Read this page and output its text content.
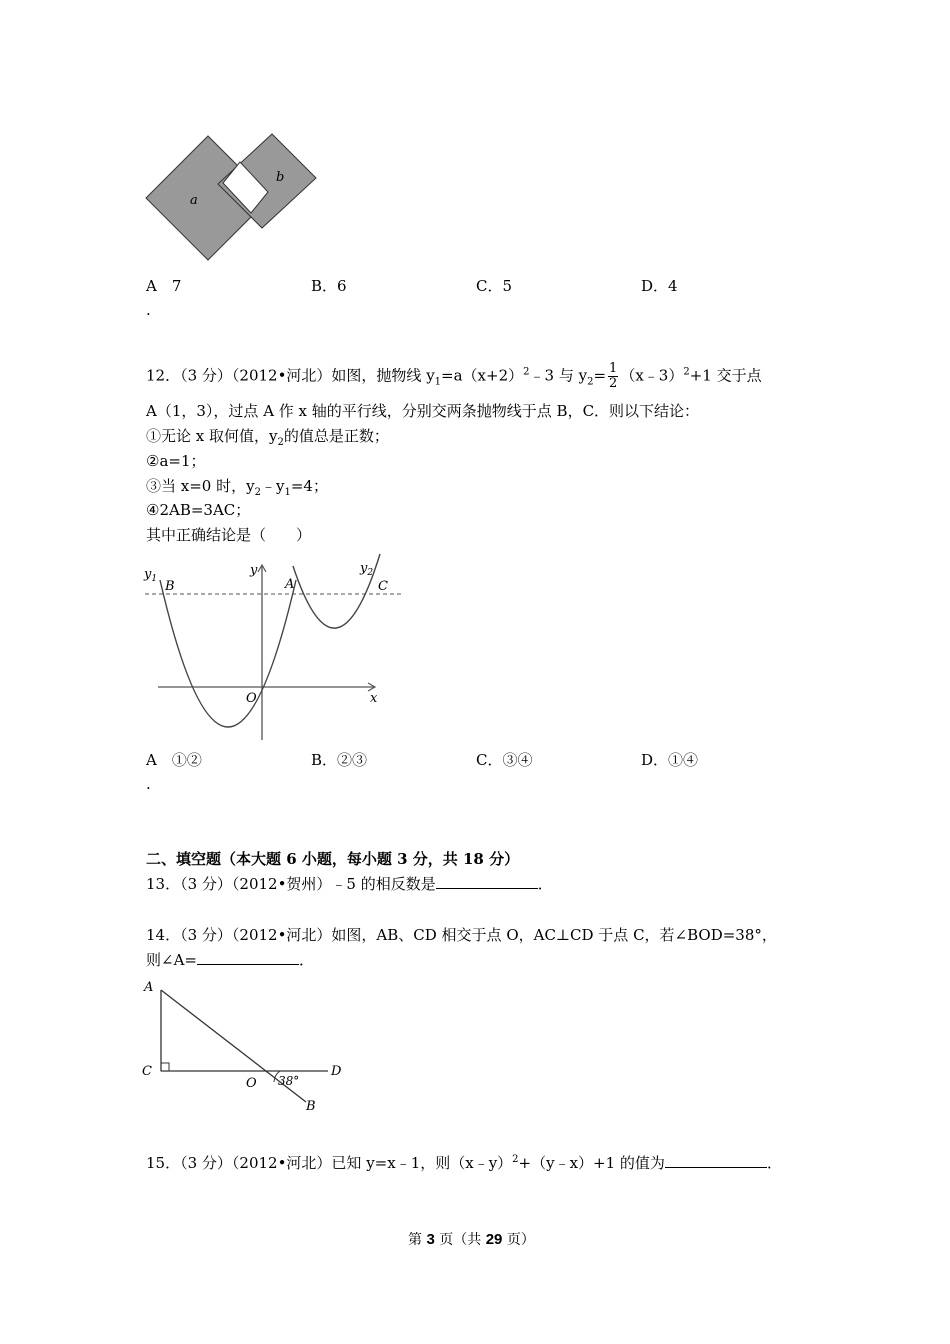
a
b
A　7	B．6	C．5	D．4
.
12．（3 分）（2012•河北）如图，抛物线 $y_1=a(x+2)^2﹣3$ 与 $y_2= \frac{1}{2}$ （x﹣3）$^2$+1 交于点
A（1，3），过点 A 作 x 轴的平行线，分别交两条抛物线于点 B，C．则以下结论：
①无论 x 取何值，$y_2$的值总是正数；
②a=1；
③当 x=0 时，$y_2﹣y_1=4$；
④2AB=3AC；
其中正确结论是（　　）
$y_1$ B
y
A
$y_2$
C
O	x
A　①②	B．②③	C．③④	D．①④
.
二、填空题（本大题 6 小题，每小题 3 分，共 18 分）
13．（3 分）（2012•贺州）﹣5 的相反数是	．
14．（3 分）（2012•河北）如图，AB、CD 相交于点 O，AC⊥CD 于点 C，若∠BOD=38°，
则∠A=	．
A
C
O 38°
D
B
15．（3 分）（2012•河北）已知 y=x﹣1，则（x﹣y）$^2$+（y﹣x）+1 的值为	．
第 3 页（共 29 页）
